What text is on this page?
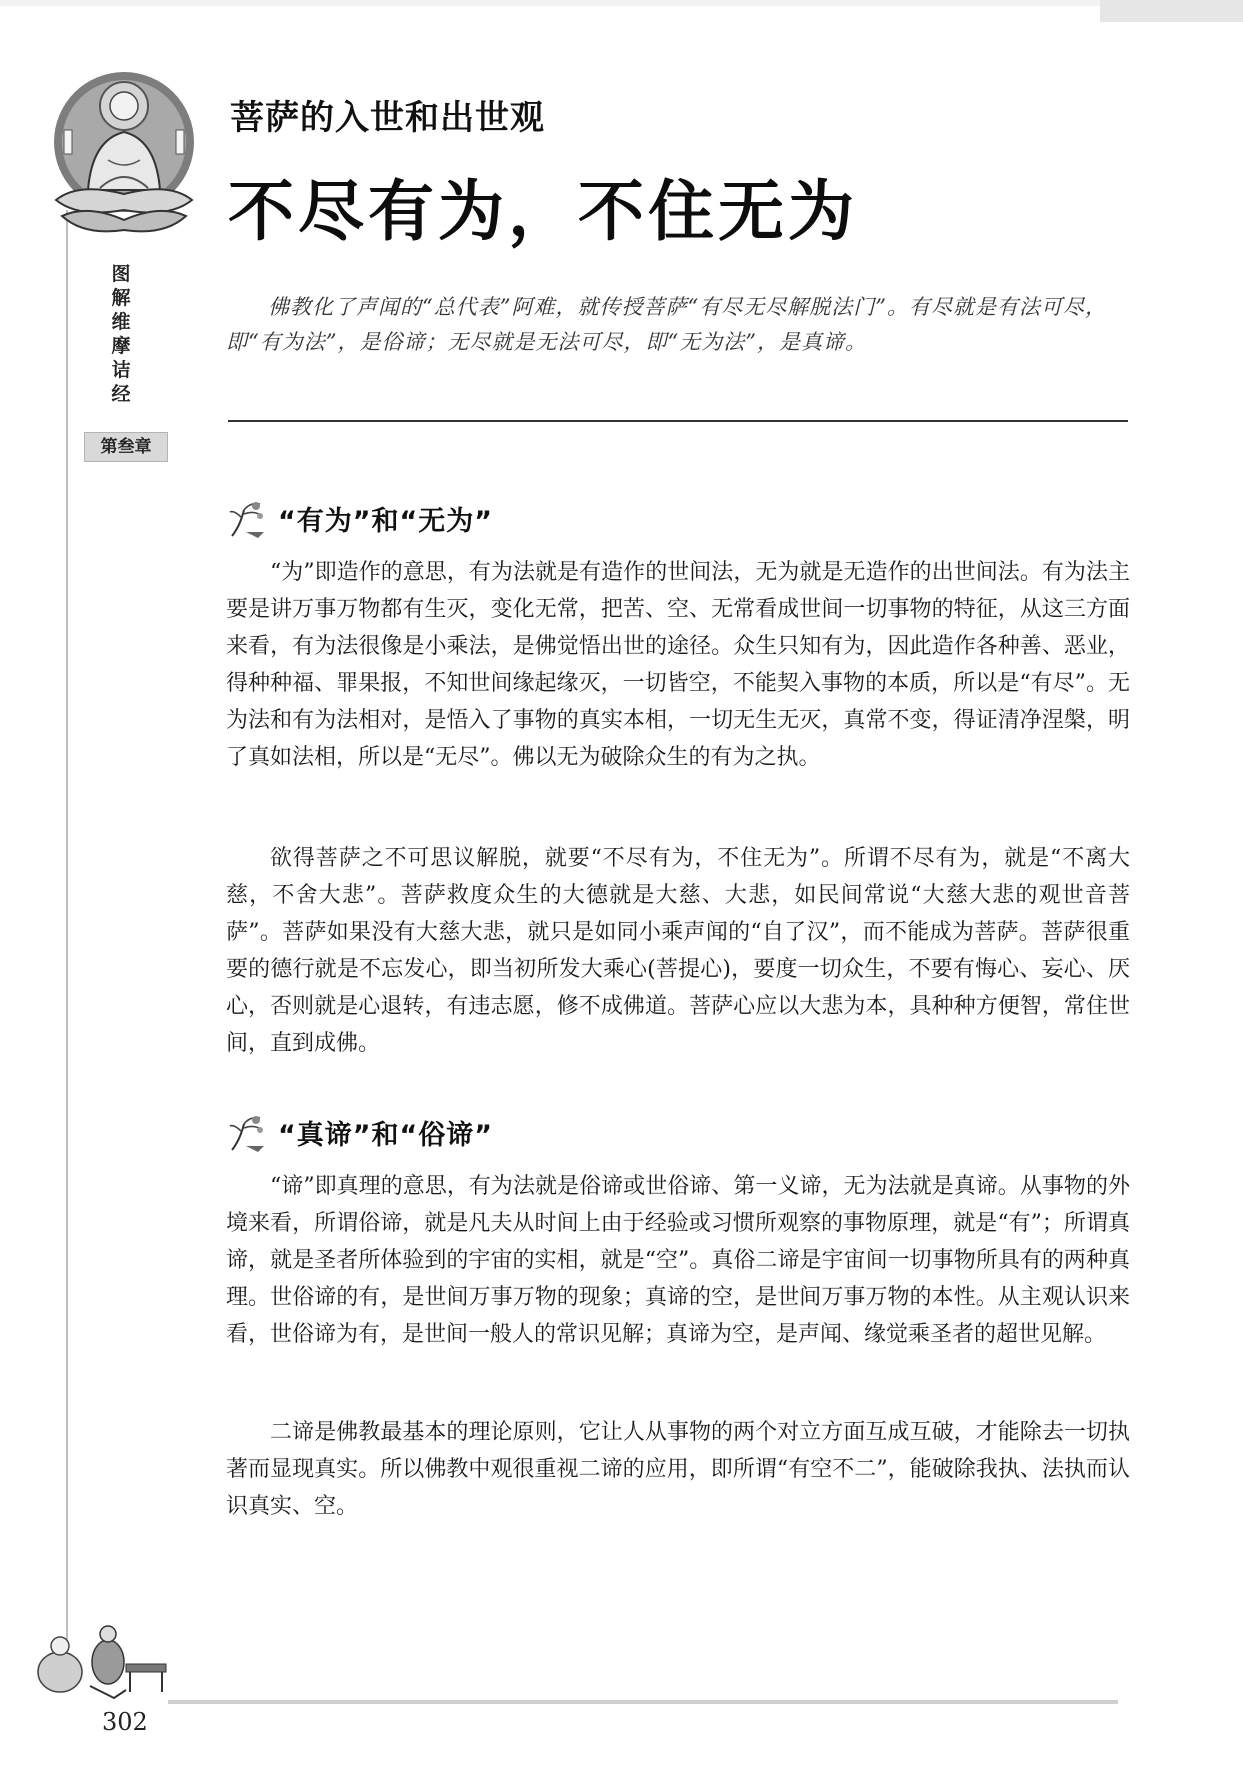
图
解
维
摩
诘
经
第叁章
菩萨的入世和出世观
不尽有为，不住无为

佛教化了声闻的“总代表”阿难，就传授菩萨“有尽无尽解脱法门”。有尽就是有法可尽，即“有为法”，是俗谛；无尽就是无法可尽，即“无为法”，是真谛。

“有为”和“无为”

“为”即造作的意思，有为法就是有造作的世间法，无为就是无造作的出世间法。有为法主要是讲万事万物都有生灭，变化无常，把苦、空、无常看成世间一切事物的特征，从这三方面来看，有为法很像是小乘法，是佛觉悟出世的途径。众生只知有为，因此造作各种善、恶业，得种种福、罪果报，不知世间缘起缘灭，一切皆空，不能契入事物的本质，所以是“有尽”。无为法和有为法相对，是悟入了事物的真实本相，一切无生无灭，真常不变，得证清净涅槃，明了真如法相，所以是“无尽”。佛以无为破除众生的有为之执。

欲得菩萨之不可思议解脱，就要“不尽有为，不住无为”。所谓不尽有为，就是“不离大慈，不舍大悲”。菩萨救度众生的大德就是大慈、大悲，如民间常说“大慈大悲的观世音菩萨”。菩萨如果没有大慈大悲，就只是如同小乘声闻的“自了汉”，而不能成为菩萨。菩萨很重要的德行就是不忘发心，即当初所发大乘心(菩提心)，要度一切众生，不要有悔心、妄心、厌心，否则就是心退转，有违志愿，修不成佛道。菩萨心应以大悲为本，具种种方便智，常住世间，直到成佛。

“真谛”和“俗谛”

“谛”即真理的意思，有为法就是俗谛或世俗谛、第一义谛，无为法就是真谛。从事物的外境来看，所谓俗谛，就是凡夫从时间上由于经验或习惯所观察的事物原理，就是“有”；所谓真谛，就是圣者所体验到的宇宙的实相，就是“空”。真俗二谛是宇宙间一切事物所具有的两种真理。世俗谛的有，是世间万事万物的现象；真谛的空，是世间万事万物的本性。从主观认识来看，世俗谛为有，是世间一般人的常识见解；真谛为空，是声闻、缘觉乘圣者的超世见解。

二谛是佛教最基本的理论原则，它让人从事物的两个对立方面互成互破，才能除去一切执著而显现真实。所以佛教中观很重视二谛的应用，即所谓“有空不二”，能破除我执、法执而认识真实、空。

302
